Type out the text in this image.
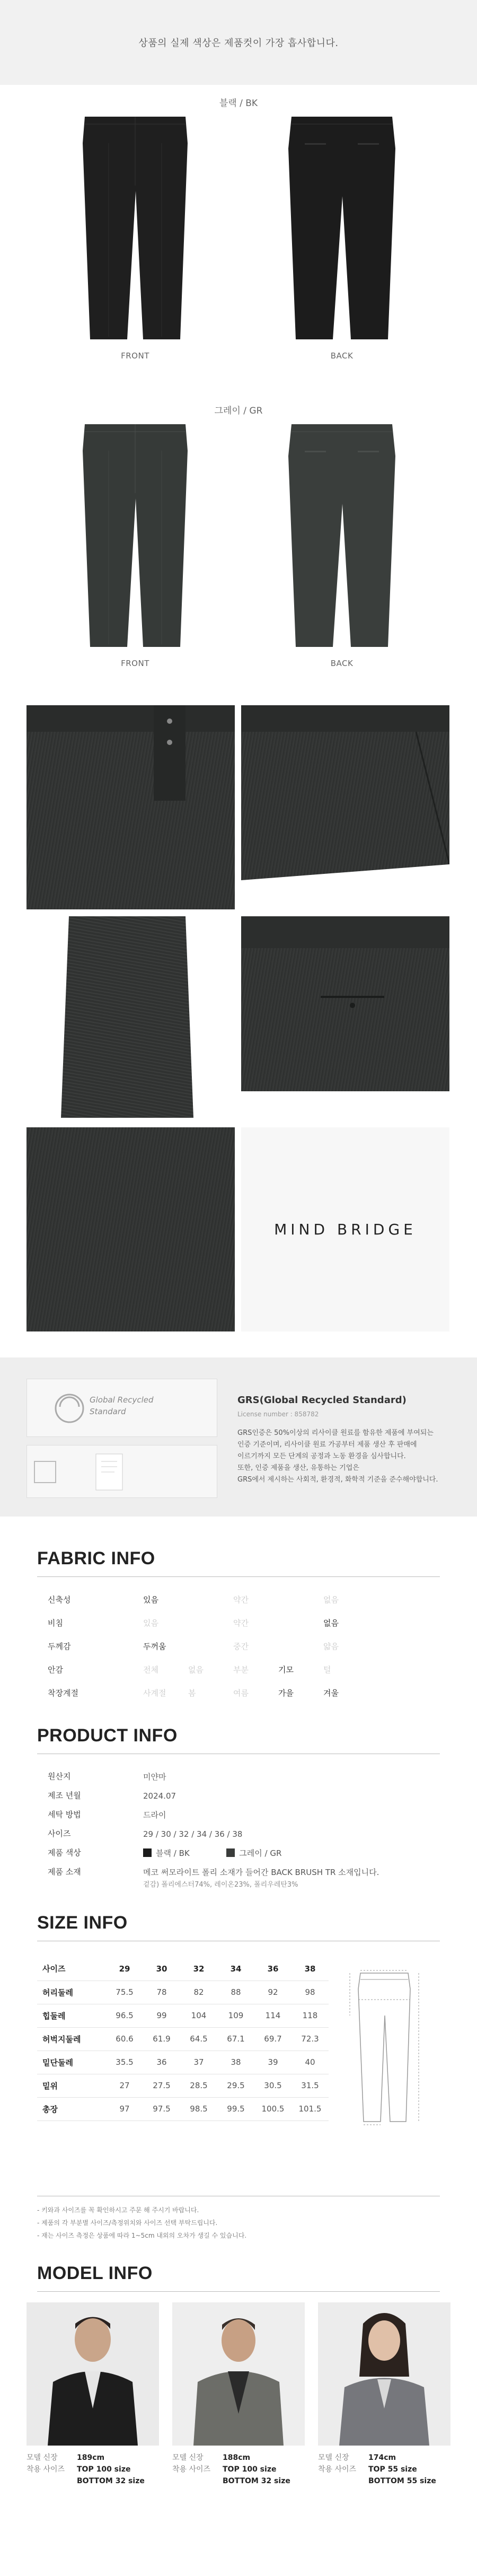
상품의 실제 색상은 제품컷이 가장 흡사합니다.
블랙 / BK
FRONT	BACK
그레이 / GR
FRONT	BACK
MIND BRIDGE
Global Recycled
Standard
GRS(Global Recycled Standard)
License number : 858782
GRS인증은 50%이상의 리사이클 원료를 함유한 제품에 부여되는
인증 기준이며, 리사이클 원료 가공부터 제품 생산 후 판매에
이르기까지 모든 단계의 공정과 노동 환경을 심사합니다.
또한, 인증 제품을 생산, 유통하는 기업은
GRS에서 제시하는 사회적, 환경적, 화학적 기준을 준수해야합니다.
FABRIC INFO
신축성	있음	약간	없음
비침	있음	약간	없음
두께감	두꺼움	중간	얇음
안감	전체	없음	부분	기모	털
착장계절	사계절	봄	여름	가을	겨울
PRODUCT INFO
원산지	미얀마
제조 년월	2024.07
세탁 방법	드라이
사이즈	29 / 30 / 32 / 34 / 36 / 38
제품 색상	블랙 / BK	그레이 / GR
제품 소재	메코 써모라이트 폴리 소재가 들어간 BACK BRUSH TR 소재입니다.
겉감) 폴리에스터74%, 레이온23%, 폴리우레탄3%
SIZE INFO
사이즈	29	30	32	34	36	38
허리둘레	75.5	78	82	88	92	98
힙둘레	96.5	99	104	109	114	118
허벅지둘레	60.6	61.9	64.5	67.1	69.7	72.3
밑단둘레	35.5	36	37	38	39	40
밑위	27	27.5	28.5	29.5	30.5	31.5
총장	97	97.5	98.5	99.5	100.5	101.5
- 키와과 사이즈를 꼭 확인하시고 주문 해 주시기 바랍니다.
- 제품의 각 부분별 사이즈/측정위치와 사이즈 선택 부탁드립니다.
- 재는 사이즈 측정은 상품에 따라 1~5cm 내외의 오차가 생길 수 있습니다.
MODEL INFO
모델 신장
착용 사이즈
189cm
TOP 100 size
BOTTOM 32 size
모델 신장
착용 사이즈
188cm
TOP 100 size
BOTTOM 32 size
모델 신장
착용 사이즈
174cm
TOP 55 size
BOTTOM 55 size
